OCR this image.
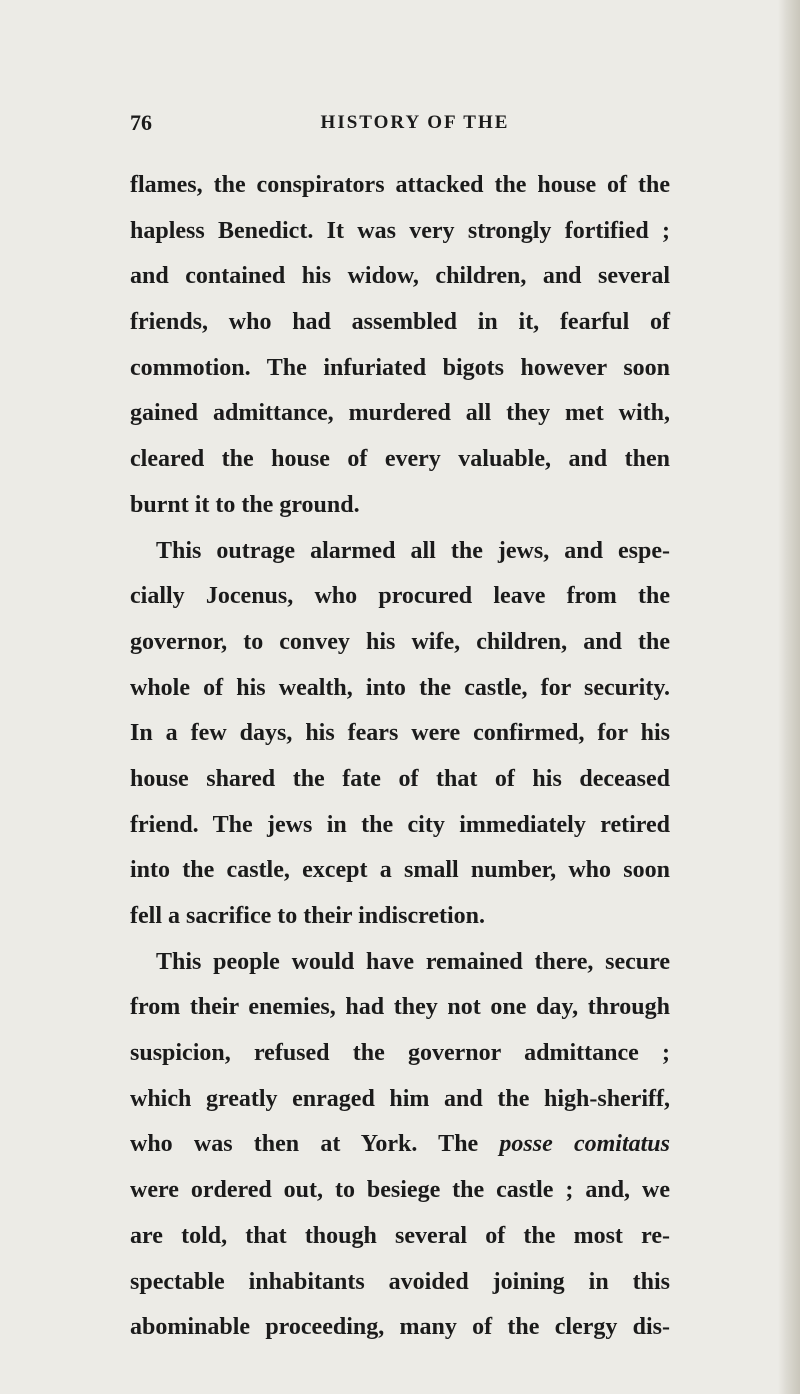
76	HISTORY OF THE
flames, the conspirators attacked the house of the
hapless Benedict. It was very strongly fortified ;
and contained his widow, children, and several
friends, who had assembled in it, fearful of
commotion. The infuriated bigots however soon
gained admittance, murdered all they met with,
cleared the house of every valuable, and then
burnt it to the ground.
This outrage alarmed all the jews, and espe-
cially Jocenus, who procured leave from the
governor, to convey his wife, children, and the
whole of his wealth, into the castle, for security.
In a few days, his fears were confirmed, for his
house shared the fate of that of his deceased
friend. The jews in the city immediately retired
into the castle, except a small number, who soon
fell a sacrifice to their indiscretion.
This people would have remained there, secure
from their enemies, had they not one day, through
suspicion, refused the governor admittance ;
which greatly enraged him and the high-sheriff,
who was then at York. The posse comitatus
were ordered out, to besiege the castle ; and, we
are told, that though several of the most re-
spectable inhabitants avoided joining in this
abominable proceeding, many of the clergy dis-
